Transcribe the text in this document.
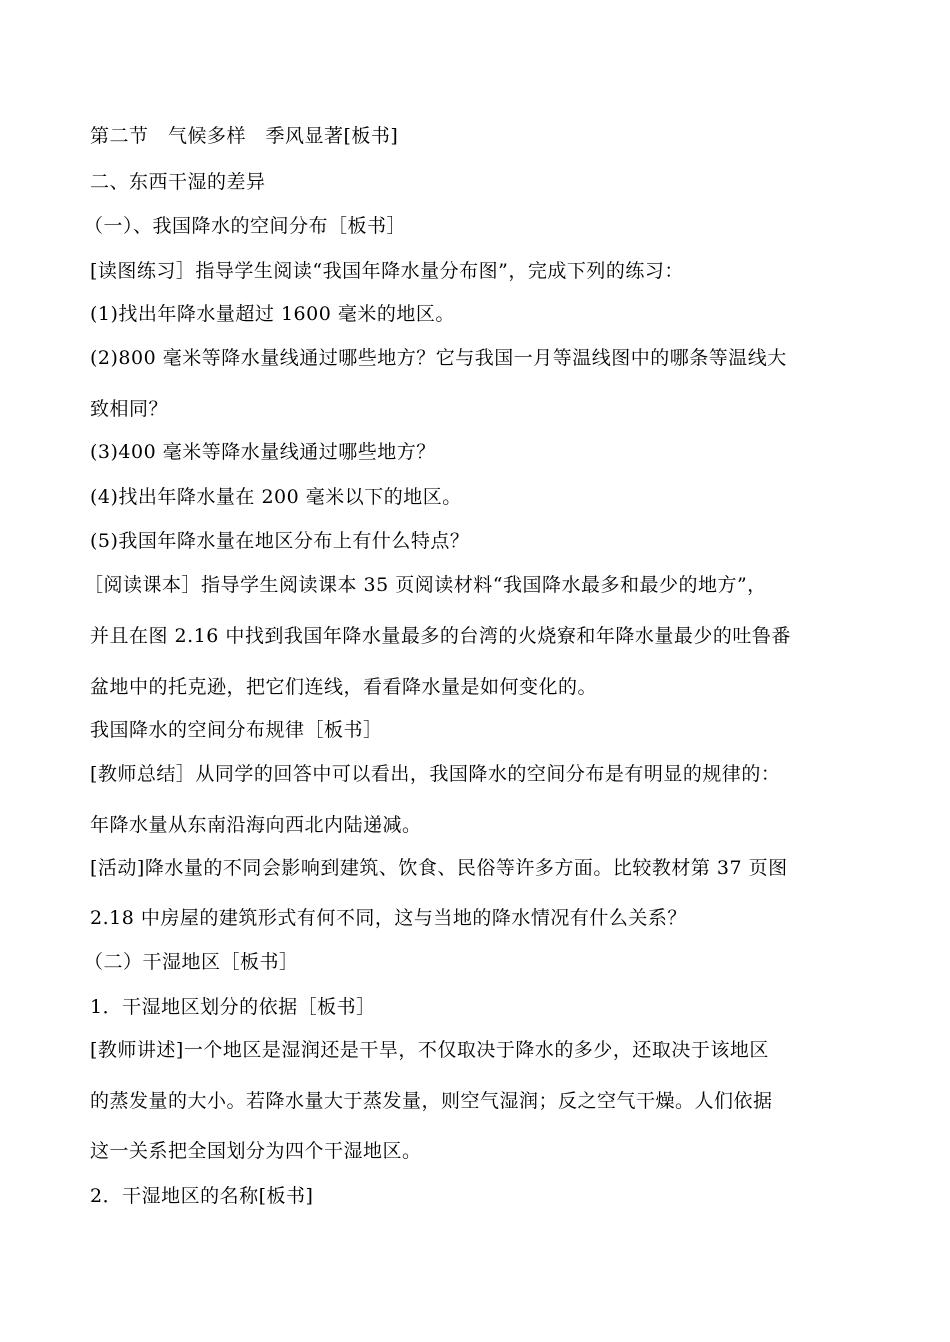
第二节　气候多样　季风显著[板书]
二、东西干湿的差异
（一）、我国降水的空间分布［板书］
[读图练习］指导学生阅读“我国年降水量分布图”，完成下列的练习：
(1)找出年降水量超过 1600 毫米的地区。
(2)800 毫米等降水量线通过哪些地方？它与我国一月等温线图中的哪条等温线大
致相同？
(3)400 毫米等降水量线通过哪些地方？
(4)找出年降水量在 200 毫米以下的地区。
(5)我国年降水量在地区分布上有什么特点？
［阅读课本］指导学生阅读课本 35 页阅读材料“我国降水最多和最少的地方”，
并且在图 2.16 中找到我国年降水量最多的台湾的火烧寮和年降水量最少的吐鲁番
盆地中的托克逊，把它们连线，看看降水量是如何变化的。
我国降水的空间分布规律［板书］
[教师总结］从同学的回答中可以看出，我国降水的空间分布是有明显的规律的：
年降水量从东南沿海向西北内陆递减。
[活动]降水量的不同会影响到建筑、饮食、民俗等许多方面。比较教材第 37 页图
2.18 中房屋的建筑形式有何不同，这与当地的降水情况有什么关系？
（二）干湿地区［板书］
1．干湿地区划分的依据［板书］
[教师讲述]一个地区是湿润还是干旱，不仅取决于降水的多少，还取决于该地区
的蒸发量的大小。若降水量大于蒸发量，则空气湿润；反之空气干燥。人们依据
这一关系把全国划分为四个干湿地区。
2．干湿地区的名称[板书]
